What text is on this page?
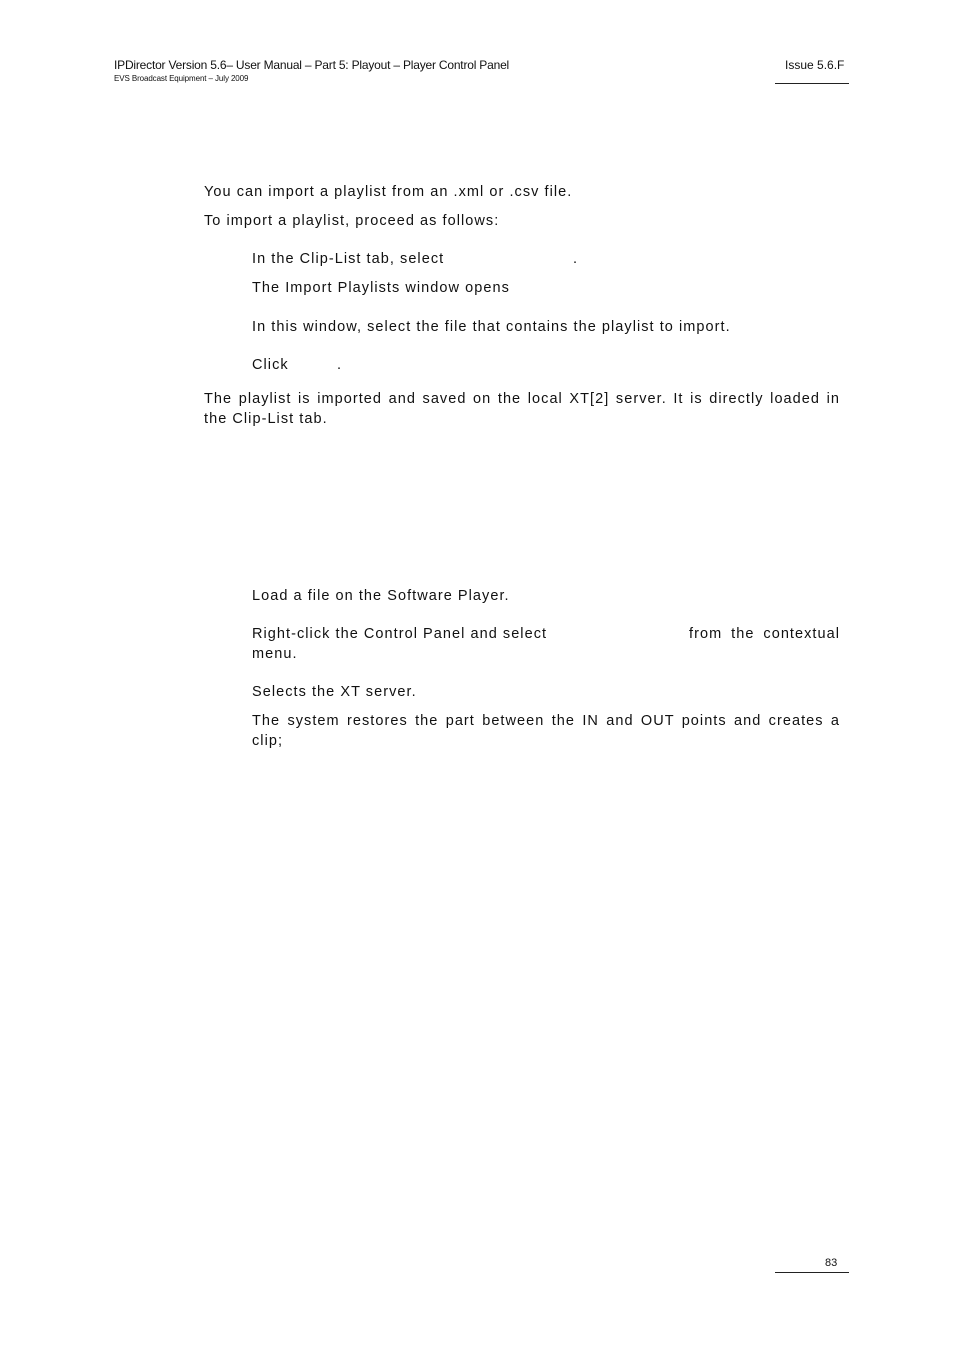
IPDirector Version 5.6– User Manual – Part 5: Playout – Player Control Panel
EVS Broadcast Equipment – July 2009
Issue 5.6.F
You can import a playlist from an .xml or .csv file.
To import a playlist, proceed as follows:
In the Clip-List tab, select	.
The Import Playlists window opens
In this window, select the file that contains the playlist to import.
Click	.
The playlist is imported and saved on the local XT[2] server. It is directly loaded in the Clip-List tab.
Load a file on the Software Player.
Right-click the Control Panel and select	from the contextual menu.
Selects the XT server.
The system restores the part between the IN and OUT points and creates a clip;
83
